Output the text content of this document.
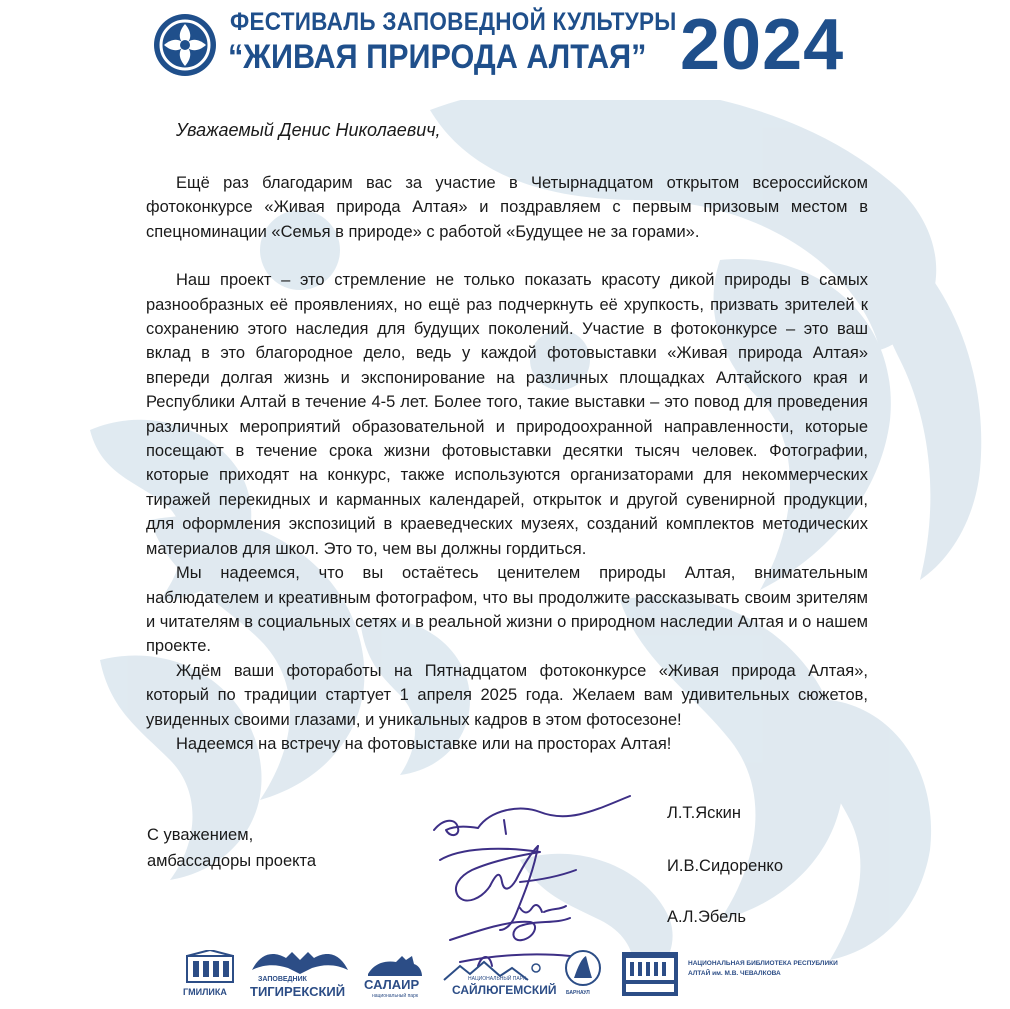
ФЕСТИВАЛЬ ЗАПОВЕДНОЙ КУЛЬТУРЫ
“ЖИВАЯ ПРИРОДА АЛТАЯ” 2024
Уважаемый Денис Николаевич,

Ещё раз благодарим вас за участие в Четырнадцатом открытом всероссийском фотоконкурсе «Живая природа Алтая» и поздравляем с первым призовым местом в спецноминации «Семья в природе» с работой «Будущее не за горами».

Наш проект – это стремление не только показать красоту дикой природы в самых разнообразных её проявлениях, но ещё раз подчеркнуть её хрупкость, призвать зрителей к сохранению этого наследия для будущих поколений. Участие в фотоконкурсе – это ваш вклад в это благородное дело, ведь у каждой фотовыставки «Живая природа Алтая» впереди долгая жизнь и экспонирование на различных площадках Алтайского края и Республики Алтай в течение 4-5 лет. Более того, такие выставки – это повод для проведения различных мероприятий образовательной и природоохранной направленности, которые посещают в течение срока жизни фотовыставки десятки тысяч человек. Фотографии, которые приходят на конкурс, также используются организаторами для некоммерческих тиражей перекидных и карманных календарей, открыток и другой сувенирной продукции, для оформления экспозиций в краеведческих музеях, созданий комплектов методических материалов для школ. Это то, чем вы должны гордиться.

Мы надеемся, что вы остаётесь ценителем природы Алтая, внимательным наблюдателем и креативным фотографом, что вы продолжите рассказывать своим зрителям и читателям в социальных сетях и в реальной жизни о природном наследии Алтая и о нашем проекте.

Ждём ваши фотоработы на Пятнадцатом фотоконкурсе «Живая природа Алтая», который по традиции стартует 1 апреля 2025 года. Желаем вам удивительных сюжетов, увиденных своими глазами, и уникальных кадров в этом фотосезоне!

Надеемся на встречу на фотовыставке или на просторах Алтая!

С уважением,
амбассадоры проекта
Л.Т.Яскин
И.В.Сидоренко
А.Л.Эбель
ГМИЛИКА
ЗАПОВЕДНИК
ТИГИРЕКСКИЙ САЛАИР
национальный парк
НАЦИОНАЛЬНЫЙ ПАРК
САЙЛЮГЕМСКИЙ БАРНАУЛ
НАЦИОНАЛЬНАЯ БИБЛИОТЕКА РЕСПУБЛИКИ
АЛТАЙ им. М.В. ЧЕВАЛКОВА
